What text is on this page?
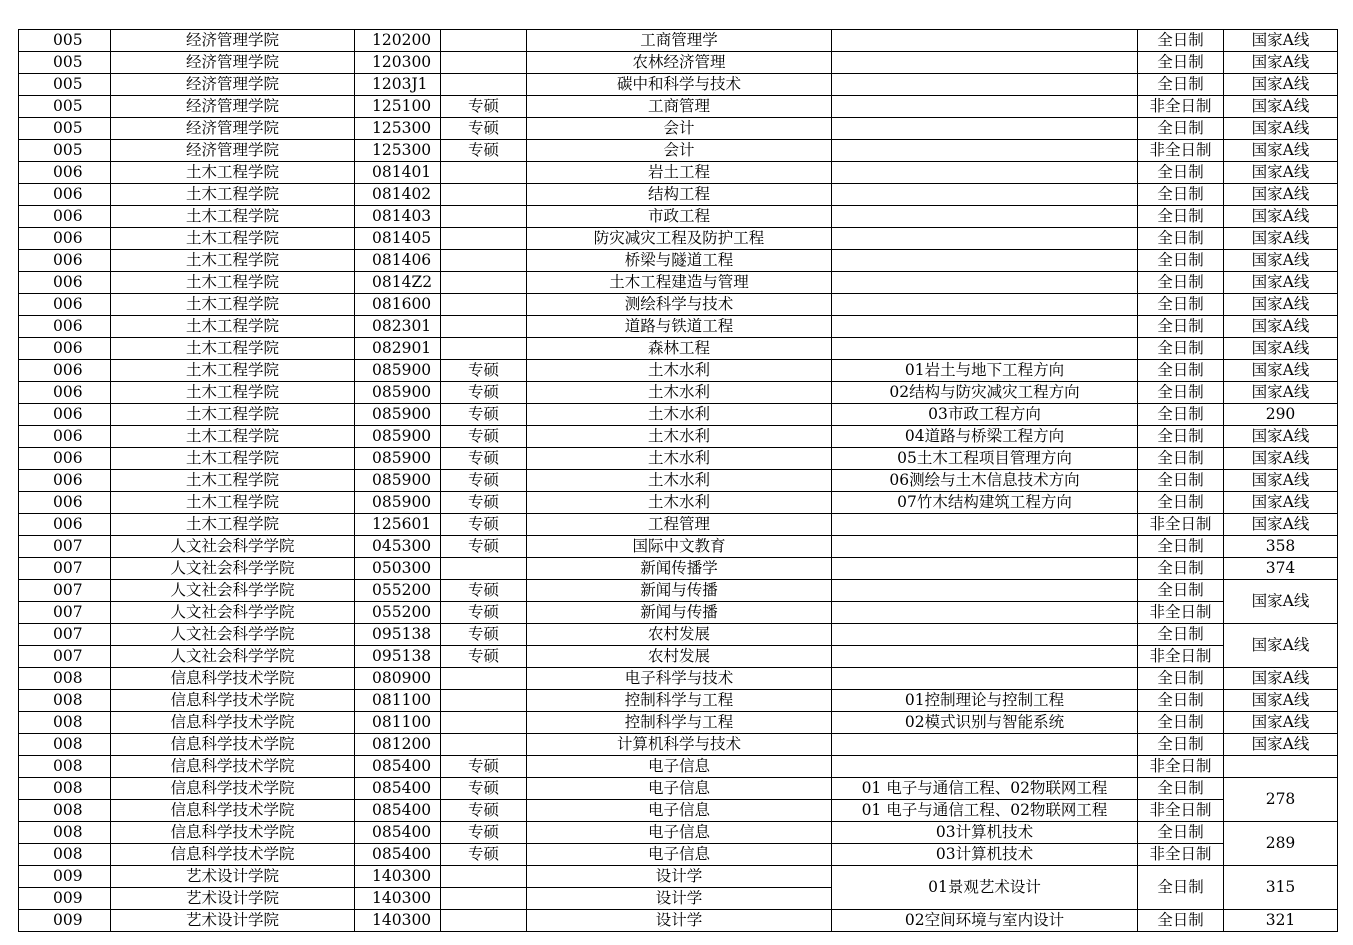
005	经济管理学院	120200		工商管理学		全日制	国家A线
005	经济管理学院	120300		农林经济管理		全日制	国家A线
005	经济管理学院	1203J1		碳中和科学与技术		全日制	国家A线
005	经济管理学院	125100	专硕	工商管理		非全日制	国家A线
005	经济管理学院	125300	专硕	会计		全日制	国家A线
005	经济管理学院	125300	专硕	会计		非全日制	国家A线
006	土木工程学院	081401		岩土工程		全日制	国家A线
006	土木工程学院	081402		结构工程		全日制	国家A线
006	土木工程学院	081403		市政工程		全日制	国家A线
006	土木工程学院	081405		防灾减灾工程及防护工程		全日制	国家A线
006	土木工程学院	081406		桥梁与隧道工程		全日制	国家A线
006	土木工程学院	0814Z2		土木工程建造与管理		全日制	国家A线
006	土木工程学院	081600		测绘科学与技术		全日制	国家A线
006	土木工程学院	082301		道路与铁道工程		全日制	国家A线
006	土木工程学院	082901		森林工程		全日制	国家A线
006	土木工程学院	085900	专硕	土木水利	01岩土与地下工程方向	全日制	国家A线
006	土木工程学院	085900	专硕	土木水利	02结构与防灾减灾工程方向	全日制	国家A线
006	土木工程学院	085900	专硕	土木水利	03市政工程方向	全日制	290
006	土木工程学院	085900	专硕	土木水利	04道路与桥梁工程方向	全日制	国家A线
006	土木工程学院	085900	专硕	土木水利	05土木工程项目管理方向	全日制	国家A线
006	土木工程学院	085900	专硕	土木水利	06测绘与土木信息技术方向	全日制	国家A线
006	土木工程学院	085900	专硕	土木水利	07竹木结构建筑工程方向	全日制	国家A线
006	土木工程学院	125601	专硕	工程管理		非全日制	国家A线
007	人文社会科学学院	045300	专硕	国际中文教育		全日制	358
007	人文社会科学学院	050300		新闻传播学		全日制	374
007	人文社会科学学院	055200	专硕	新闻与传播		全日制	国家A线
007	人文社会科学学院	055200	专硕	新闻与传播		非全日制	
007	人文社会科学学院	095138	专硕	农村发展		全日制	国家A线
007	人文社会科学学院	095138	专硕	农村发展		非全日制	
008	信息科学技术学院	080900		电子科学与技术		全日制	国家A线
008	信息科学技术学院	081100		控制科学与工程	01控制理论与控制工程	全日制	国家A线
008	信息科学技术学院	081100		控制科学与工程	02模式识别与智能系统	全日制	国家A线
008	信息科学技术学院	081200		计算机科学与技术		全日制	国家A线
008	信息科学技术学院	085400	专硕	电子信息		非全日制	
008	信息科学技术学院	085400	专硕	电子信息	01 电子与通信工程、02物联网工程	全日制	278
008	信息科学技术学院	085400	专硕	电子信息	01 电子与通信工程、02物联网工程	非全日制	
008	信息科学技术学院	085400	专硕	电子信息	03计算机技术	全日制	289
008	信息科学技术学院	085400	专硕	电子信息	03计算机技术	非全日制	
009	艺术设计学院	140300		设计学	01景观艺术设计	全日制	315
009	艺术设计学院	140300		设计学			
009	艺术设计学院	140300		设计学	02空间环境与室内设计	全日制	321
